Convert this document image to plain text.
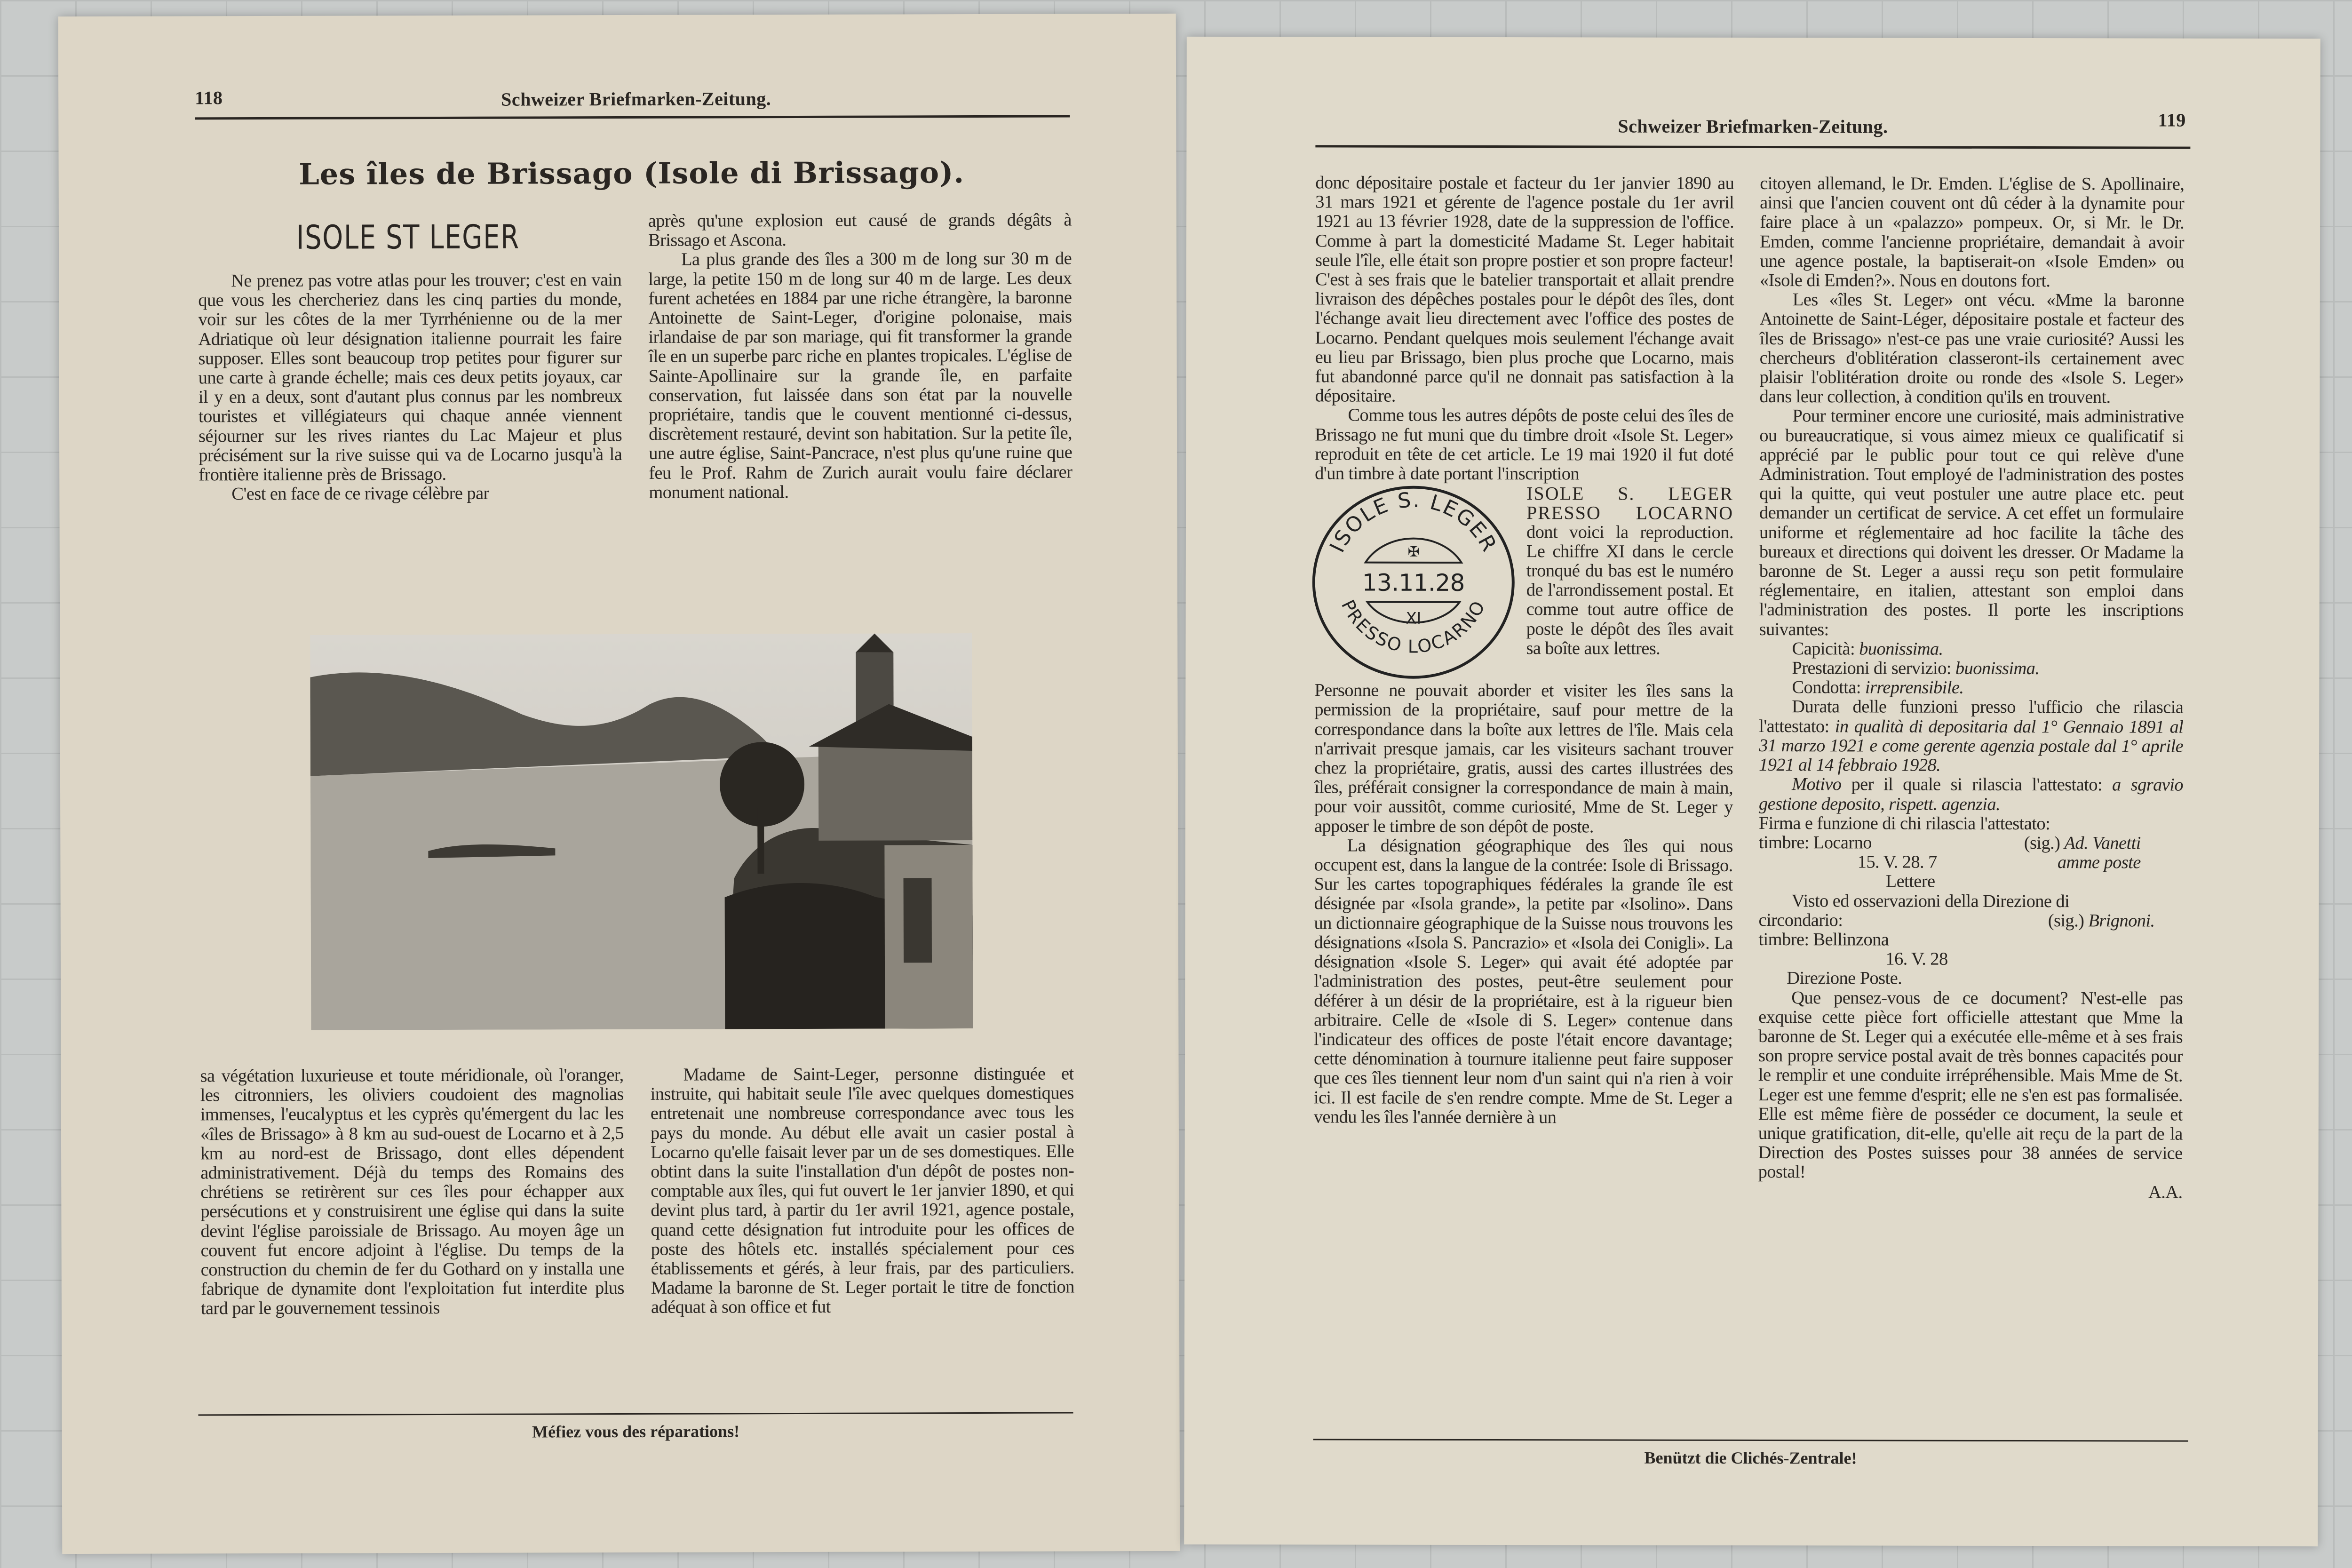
118	Schweizer Briefmarken-Zeitung.
Les îles de Brissago (Isole di Brissago).
ISOLE ST LEGER

Ne prenez pas votre atlas pour les trouver; c'est en vain que vous les chercheriez dans les cinq parties du monde, voir sur les côtes de la mer Tyrrhénienne ou de la mer Adriatique où leur désignation italienne pourrait les faire supposer. Elles sont beaucoup trop petites pour figurer sur une carte à grande échelle; mais ces deux petits joyaux, car il y en a deux, sont d'autant plus connus par les nombreux touristes et villégiateurs qui chaque année viennent séjourner sur les rives riantes du Lac Majeur et plus précisément sur la rive suisse qui va de Locarno jusqu'à la frontière italienne près de Brissago.

C'est en face de ce rivage célèbre par

après qu'une explosion eut causé de grands dégâts à Brissago et Ascona.

La plus grande des îles a 300 m de long sur 30 m de large, la petite 150 m de long sur 40 m de large. Les deux furent achetées en 1884 par une riche étrangère, la baronne Antoinette de Saint-Leger, d'origine polonaise, mais irlandaise de par son mariage, qui fit transformer la grande île en un superbe parc riche en plantes tropicales. L'église de Sainte-Apollinaire sur la grande île, en parfaite conservation, fut laissée dans son état par la nouvelle propriétaire, tandis que le couvent mentionné ci-dessus, discrètement restauré, devint son habitation. Sur la petite île, une autre église, Saint-Pancrace, n'est plus qu'une ruine que feu le Prof. Rahm de Zurich aurait voulu faire déclarer monument national.

sa végétation luxurieuse et toute méridionale, où l'oranger, les citronniers, les oliviers coudoient des magnolias immenses, l'eucalyptus et les cyprès qu'émergent du lac les «îles de Brissago» à 8 km au sud-ouest de Locarno et à 2,5 km au nord-est de Brissago, dont elles dépendent administrativement. Déjà du temps des Romains des chrétiens se retirèrent sur ces îles pour échapper aux persécutions et y construisirent une église qui dans la suite devint l'église paroissiale de Brissago. Au moyen âge un couvent fut encore adjoint à l'église. Du temps de la construction du chemin de fer du Gothard on y installa une fabrique de dynamite dont l'exploitation fut interdite plus tard par le gouvernement tessinois

Madame de Saint-Leger, personne distinguée et instruite, qui habitait seule l'île avec quelques domestiques entretenait une nombreuse correspondance avec tous les pays du monde. Au début elle avait un casier postal à Locarno qu'elle faisait lever par un de ses domestiques. Elle obtint dans la suite l'installation d'un dépôt de postes non-comptable aux îles, qui fut ouvert le 1er janvier 1890, et qui devint plus tard, à partir du 1er avril 1921, agence postale, quand cette désignation fut introduite pour les offices de poste des hôtels etc. installés spécialement pour ces établissements et gérés, à leur frais, par des particuliers. Madame la baronne de St. Leger portait le titre de fonction adéquat à son office et fut

Méfiez vous des réparations!
Schweizer Briefmarken-Zeitung.	119

donc dépositaire postale et facteur du 1er janvier 1890 au 31 mars 1921 et gérente de l'agence postale du 1er avril 1921 au 13 février 1928, date de la suppression de l'office. Comme à part la domesticité Madame St. Leger habitait seule l'île, elle était son propre postier et son propre facteur! C'est à ses frais que le batelier transportait et allait prendre livraison des dépêches postales pour le dépôt des îles, dont l'échange avait lieu directement avec l'office des postes de Locarno. Pendant quelques mois seulement l'échange avait eu lieu par Brissago, bien plus proche que Locarno, mais fut abandonné parce qu'il ne donnait pas satisfaction à la dépositaire.

Comme tous les autres dépôts de poste celui des îles de Brissago ne fut muni que du timbre droit «Isole St. Leger» reproduit en tête de cet article. Le 19 mai 1920 il fut doté d'un timbre à date portant l'inscription

ISOLE S. LEGER
PRESSO LOCARNO
✠
13.11.28
XI
ISOLE S. LEGER
PRESSO LOCARNO

dont voici la reproduction. Le chiffre XI dans le cercle tronqué du bas est le numéro de l'arrondissement postal. Et comme tout autre office de poste le dépôt des îles avait sa boîte aux lettres.

Personne ne pouvait aborder et visiter les îles sans la permission de la propriétaire, sauf pour mettre de la correspondance dans la boîte aux lettres de l'île. Mais cela n'arrivait presque jamais, car les visiteurs sachant trouver chez la propriétaire, gratis, aussi des cartes illustrées des îles, préférait consigner la correspondance de main à main, pour voir aussitôt, comme curiosité, Mme de St. Leger y apposer le timbre de son dépôt de poste.

La désignation géographique des îles qui nous occupent est, dans la langue de la contrée: Isole di Brissago. Sur les cartes topographiques fédérales la grande île est désignée par «Isola grande», la petite par «Isolino». Dans un dictionnaire géographique de la Suisse nous trouvons les désignations «Isola S. Pancrazio» et «Isola dei Conigli». La désignation «Isole S. Leger» qui avait été adoptée par l'administration des postes, peut-être seulement pour déférer à un désir de la propriétaire, est à la rigueur bien arbitraire. Celle de «Isole di S. Leger» contenue dans l'indicateur des offices de poste l'était encore davantage; cette dénomination à tournure italienne peut faire supposer que ces îles tiennent leur nom d'un saint qui n'a rien à voir ici. Il est facile de s'en rendre compte. Mme de St. Leger a vendu les îles l'année dernière à un

citoyen allemand, le Dr. Emden. L'église de S. Apollinaire, ainsi que l'ancien couvent ont dû céder à la dynamite pour faire place à un «palazzo» pompeux. Or, si Mr. le Dr. Emden, comme l'ancienne propriétaire, demandait à avoir une agence postale, la baptiserait-on «Isole Emden» ou «Isole di Emden?». Nous en doutons fort.

Les «îles St. Leger» ont vécu. «Mme la baronne Antoinette de Saint-Léger, dépositaire postale et facteur des îles de Brissago» n'est-ce pas une vraie curiosité? Aussi les chercheurs d'oblitération classeront-ils certainement avec plaisir l'oblitération droite ou ronde des «Isole S. Leger» dans leur collection, à condition qu'ils en trouvent.

Pour terminer encore une curiosité, mais administrative ou bureaucratique, si vous aimez mieux ce qualificatif si apprécié par le public pour tout ce qui relève d'une Administration. Tout employé de l'administration des postes qui la quitte, qui veut postuler une autre place etc. peut demander un certificat de service. A cet effet un formulaire uniforme et réglementaire ad hoc facilite la tâche des bureaux et directions qui doivent les dresser. Or Madame la baronne de St. Leger a aussi reçu son petit formulaire réglementaire, en italien, attestant son emploi dans l'administration des postes. Il porte les inscriptions suivantes:

Capicità: buonissima.
Prestazioni di servizio: buonissima.
Condotta: irreprensibile.

Durata delle funzioni presso l'ufficio che rilascia l'attestato: in qualità di depositaria dal 1° Gennaio 1891 al 31 marzo 1921 e come gerente agenzia postale dal 1° aprile 1921 al 14 febbraio 1928.

Motivo per il quale si rilascia l'attestato: a sgravio gestione deposito, rispett. agenzia.

Firma e funzione di chi rilascia l'attestato:
timbre: Locarno	(sig.) Ad. Vanetti
15. V. 28. 7	amme poste
Lettere
Visto ed osservazioni della Direzione di
circondario:	(sig.) Brignoni.
timbre: Bellinzona
16. V. 28
Direzione Poste.

Que pensez-vous de ce document? N'est-elle pas exquise cette pièce fort officielle attestant que Mme la baronne de St. Leger qui a exécutée elle-même et à ses frais son propre service postal avait de très bonnes capacités pour le remplir et une conduite irrépréhensible. Mais Mme de St. Leger est une femme d'esprit; elle ne s'en est pas formalisée. Elle est même fière de posséder ce document, la seule et unique gratification, dit-elle, qu'elle ait reçu de la part de la Direction des Postes suisses pour 38 années de service postal!

A.A.
Benützt die Clichés-Zentrale!
